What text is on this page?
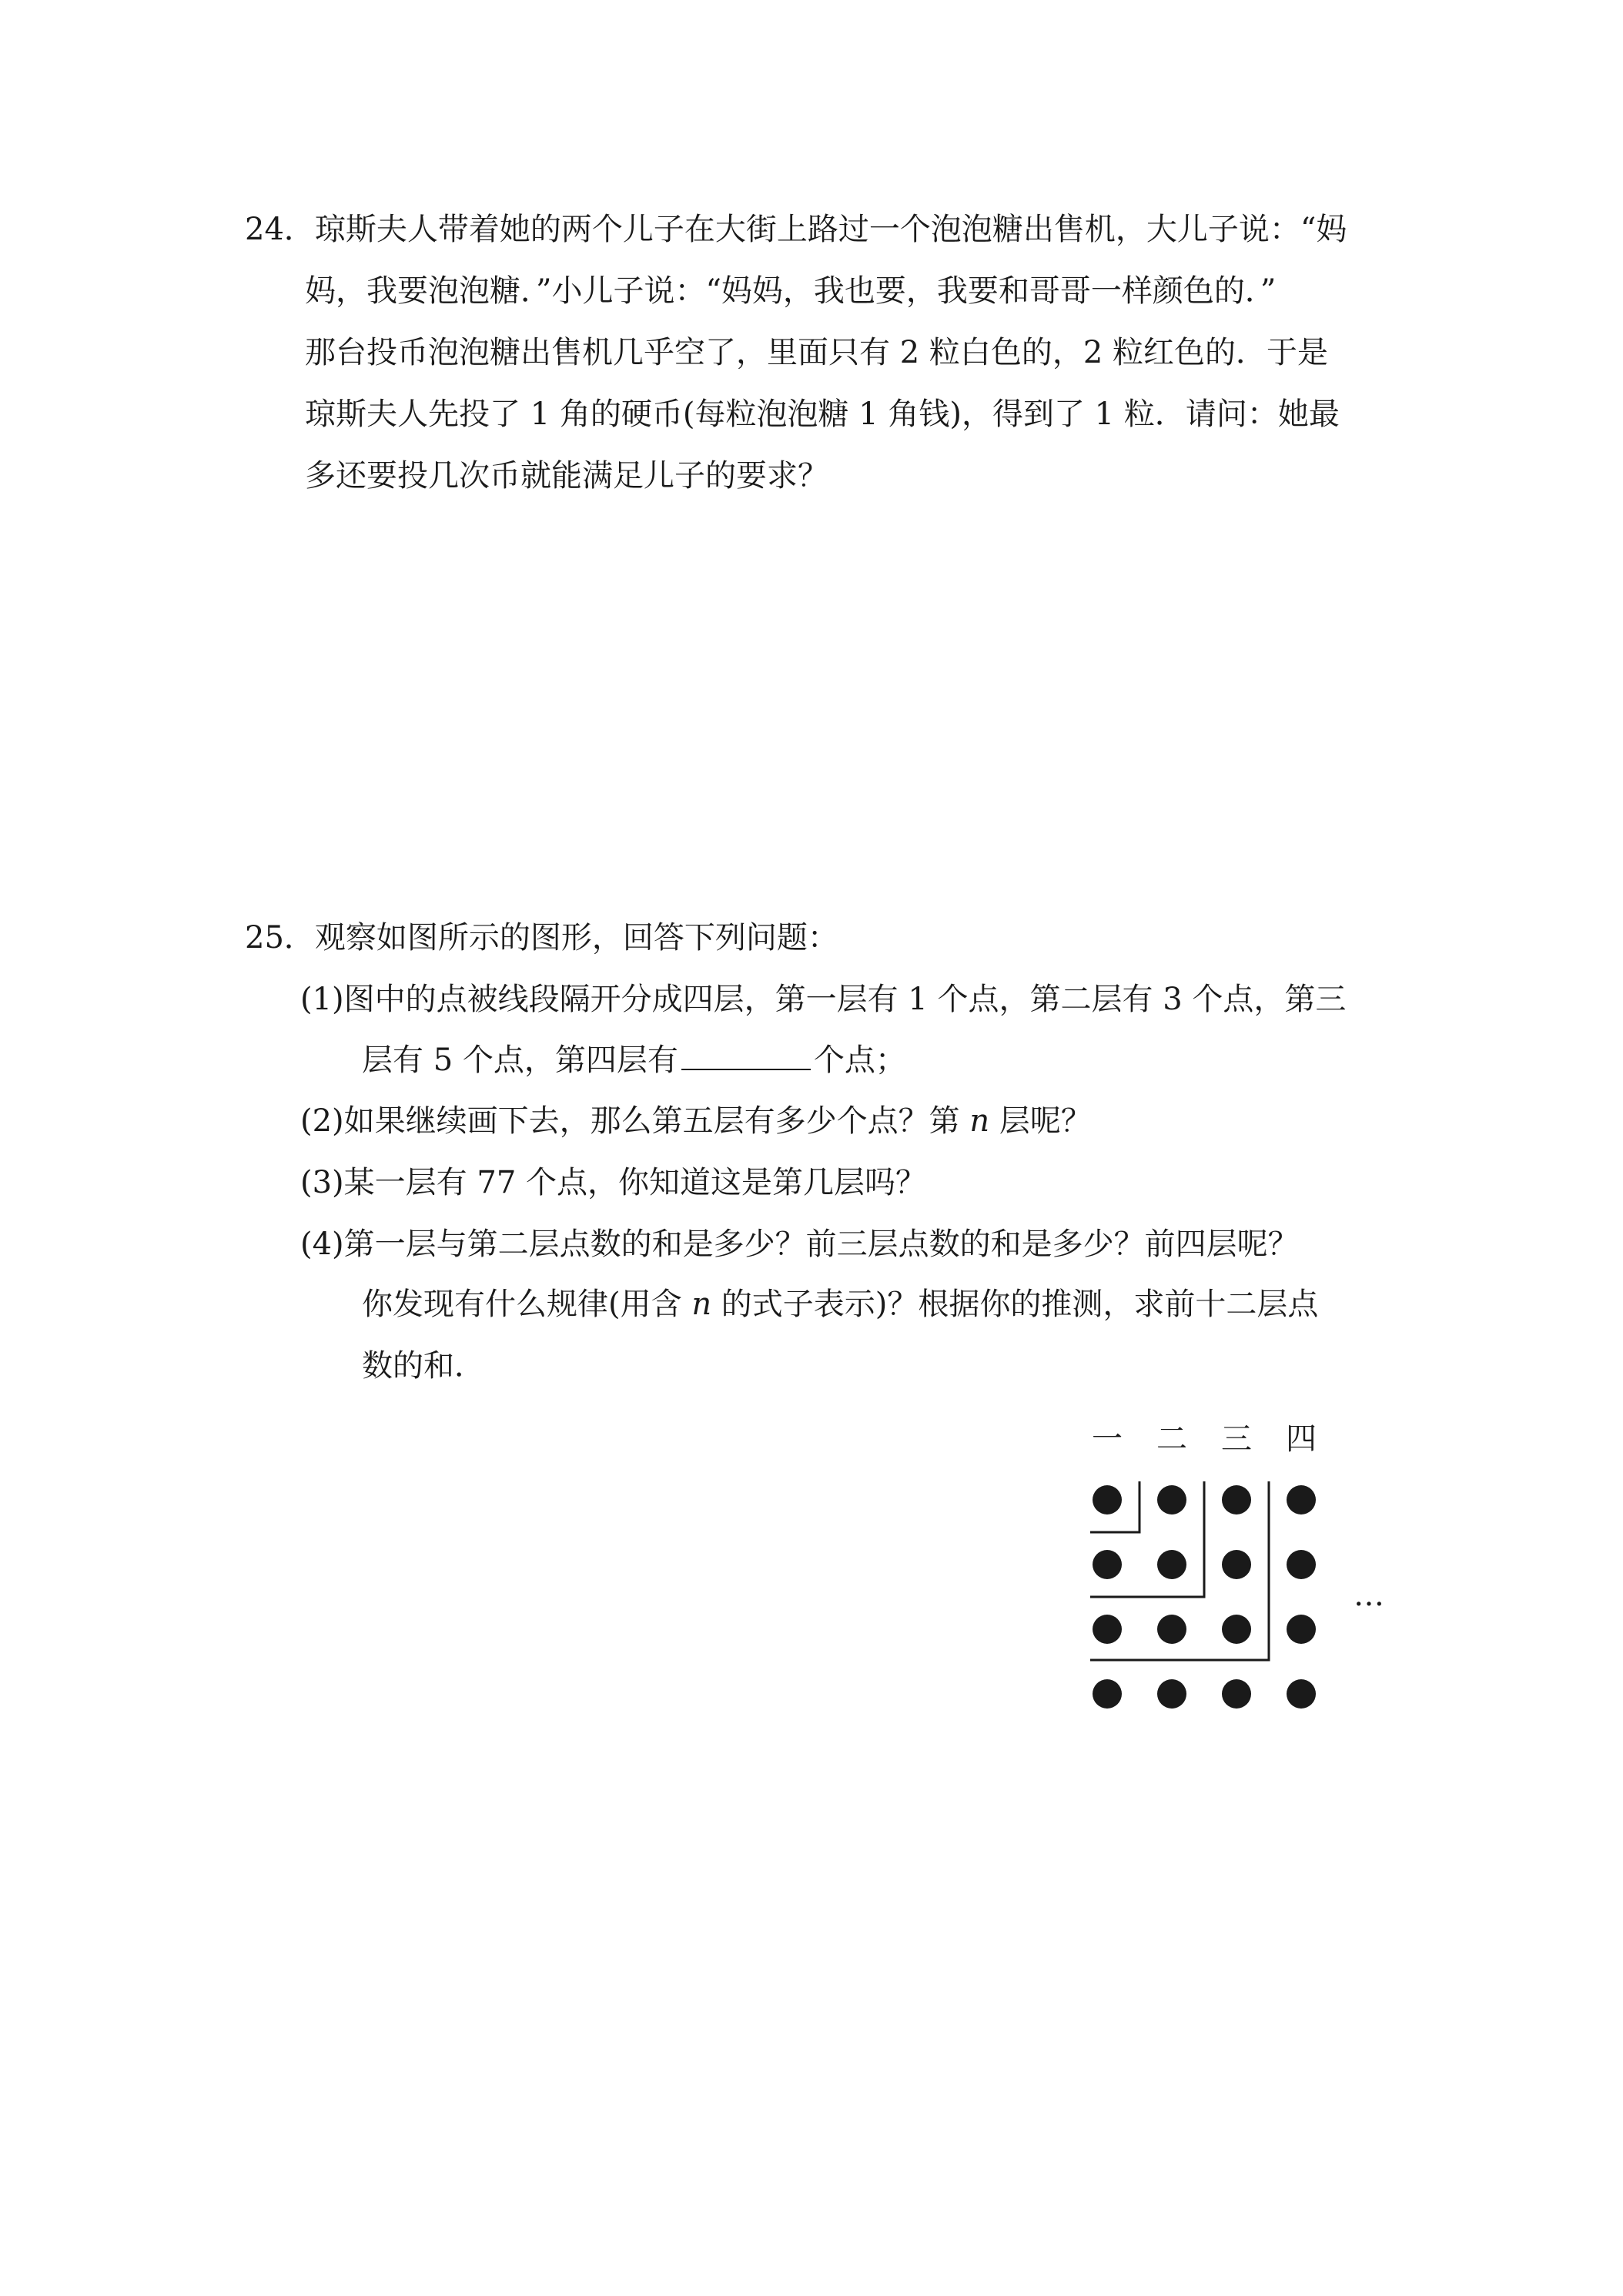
24．琼斯夫人带着她的两个儿子在大街上路过一个泡泡糖出售机，大儿子说：“妈
妈，我要泡泡糖．”小儿子说：“妈妈，我也要，我要和哥哥一样颜色的．”
那台投币泡泡糖出售机几乎空了，里面只有 2 粒白色的，2 粒红色的．于是
琼斯夫人先投了 1 角的硬币(每粒泡泡糖 1 角钱)，得到了 1 粒．请问：她最
多还要投几次币就能满足儿子的要求？
25．观察如图所示的图形，回答下列问题：
(1)图中的点被线段隔开分成四层，第一层有 1 个点，第二层有 3 个点，第三
层有 5 个点，第四层有	个点；
(2)如果继续画下去，那么第五层有多少个点？第 n 层呢？
(3)某一层有 77 个点，你知道这是第几层吗？
(4)第一层与第二层点数的和是多少？前三层点数的和是多少？前四层呢？
你发现有什么规律(用含 n 的式子表示)？根据你的推测，求前十二层点
数的和．
一 二 三 四
…
